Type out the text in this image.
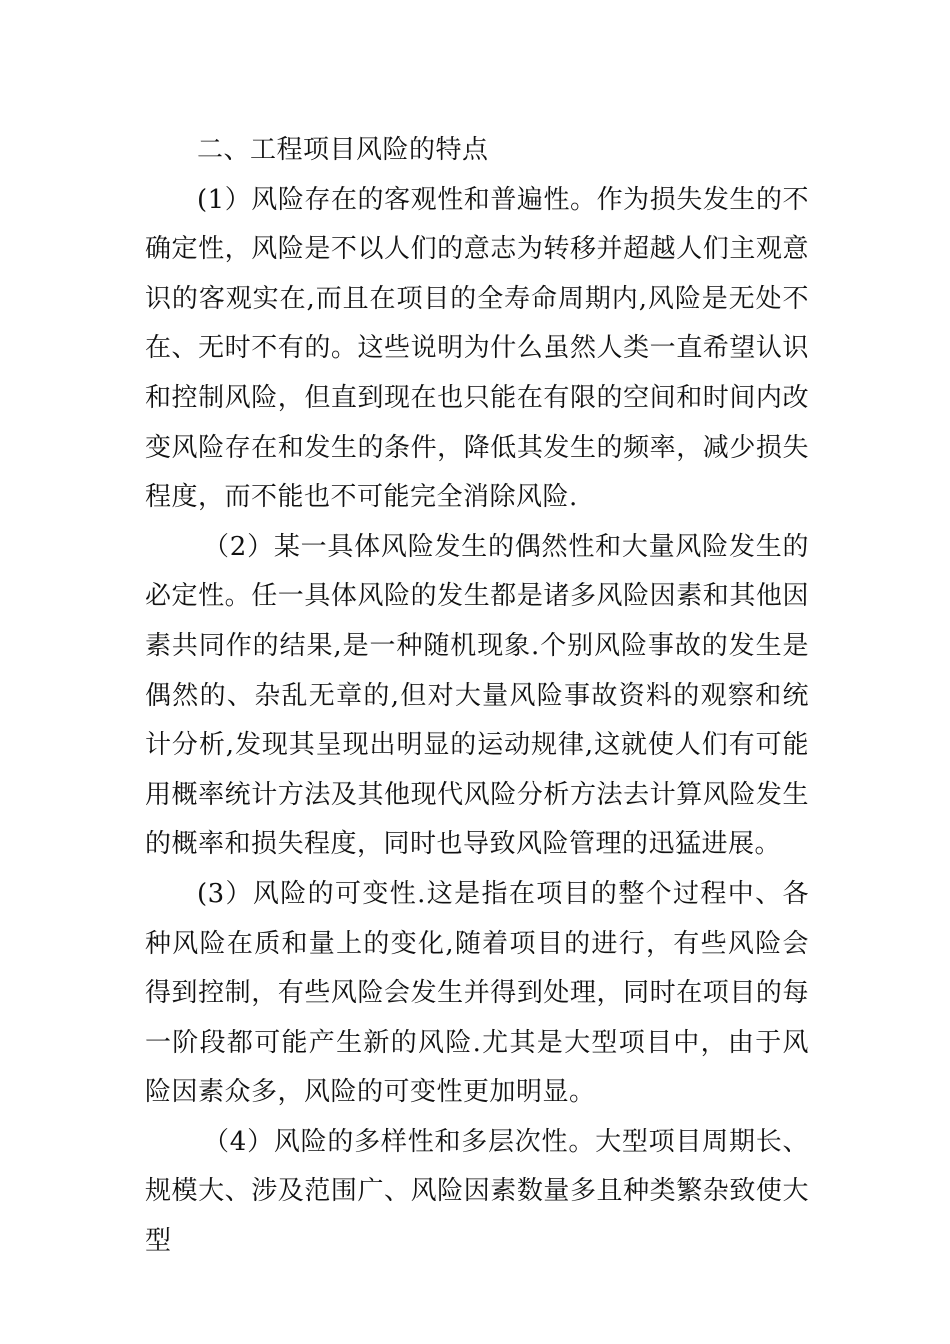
二、工程项目风险的特点

(1）风险存在的客观性和普遍性。作为损失发生的不确定性，风险是不以人们的意志为转移并超越人们主观意识的客观实在,而且在项目的全寿命周期内,风险是无处不在、无时不有的。这些说明为什么虽然人类一直希望认识和控制风险，但直到现在也只能在有限的空间和时间内改变风险存在和发生的条件，降低其发生的频率，减少损失程度，而不能也不可能完全消除风险.

（2）某一具体风险发生的偶然性和大量风险发生的必定性。任一具体风险的发生都是诸多风险因素和其他因素共同作的结果,是一种随机现象.个别风险事故的发生是偶然的、杂乱无章的,但对大量风险事故资料的观察和统计分析,发现其呈现出明显的运动规律,这就使人们有可能用概率统计方法及其他现代风险分析方法去计算风险发生的概率和损失程度，同时也导致风险管理的迅猛进展。

(3）风险的可变性.这是指在项目的整个过程中、各种风险在质和量上的变化,随着项目的进行，有些风险会得到控制，有些风险会发生并得到处理，同时在项目的每一阶段都可能产生新的风险.尤其是大型项目中，由于风险因素众多，风险的可变性更加明显。

（4）风险的多样性和多层次性。大型项目周期长、规模大、涉及范围广、风险因素数量多且种类繁杂致使大型
